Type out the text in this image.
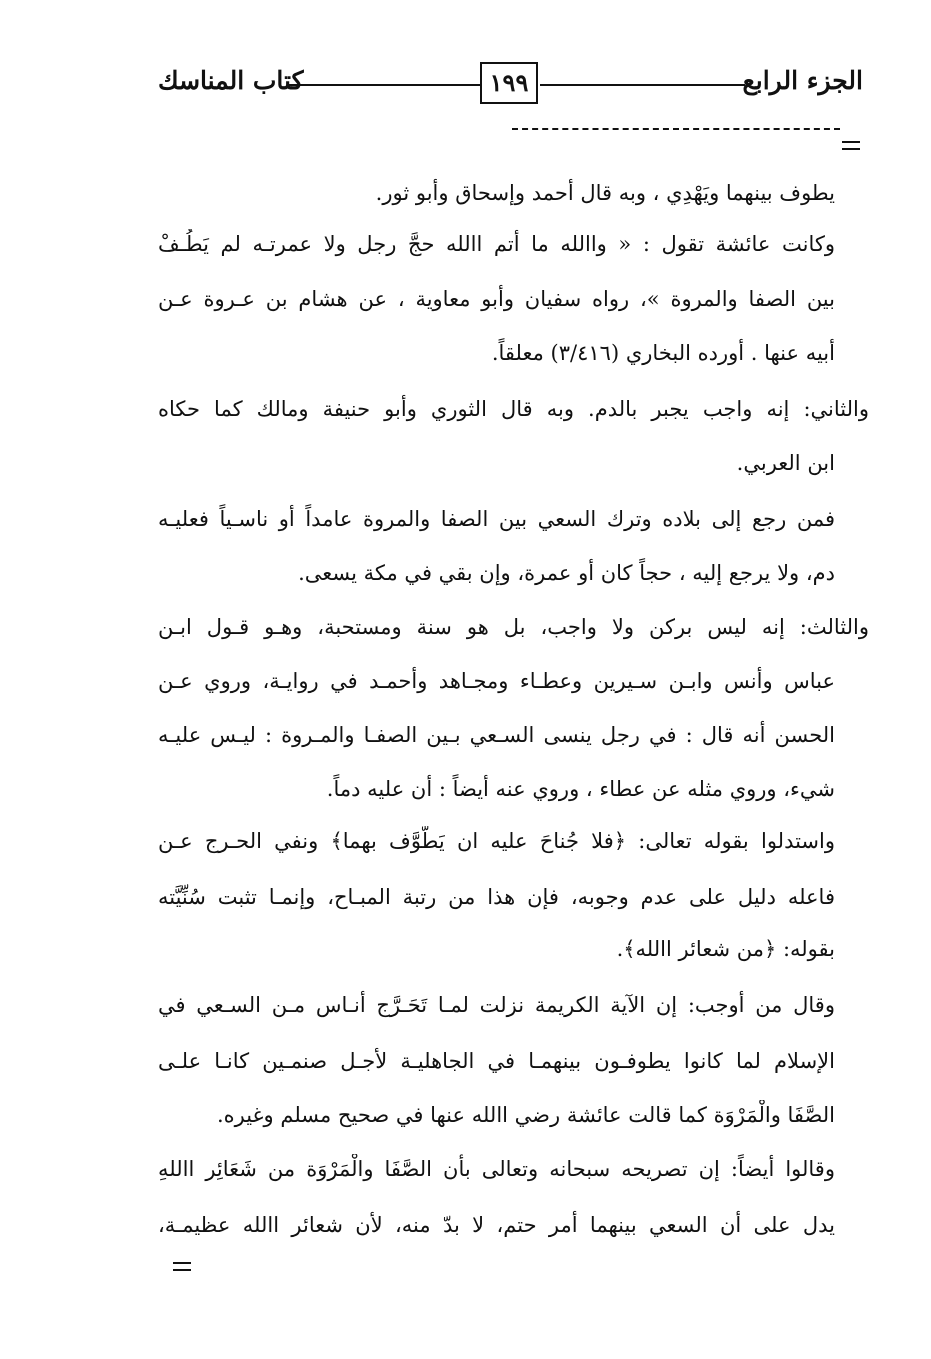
الجزء الرابع
١٩٩
كتاب المناسك
يطوف بينهما ويَهْدِي ، وبه قال أحمد وإسحاق وأبو ثور.
وكانت عائشة تقول : « واالله ما أتم االله حجَّ رجل ولا عمرتـه لم يَطُـفْ
بين الصفا والمروة »، رواه سفيان وأبو معاوية ، عن هشام بن عـروة عـن
أبيه عنها . أورده البخاري (٣/٤١٦) معلقاً.
والثاني: إنه واجب يجبر بالدم. وبه قال الثوري وأبو حنيفة ومالك كما حكاه
ابن العربي.
فمن رجع إلى بلاده وترك السعي بين الصفا والمروة عامداً أو ناسـياً فعليـه
دم، ولا يرجع إليه ، حجاً كان أو عمرة، وإن بقي في مكة يسعى.
والثالث: إنه ليس بركن ولا واجب، بل هو سنة ومستحبة، وهـو قـول ابـن
عباس وأنس وابـن سـيرين وعطـاء ومجـاهد وأحمـد في روايـة، وروي عـن
الحسن أنه قال : في رجل ينسى السـعي بـين الصفـا والمـروة : ليـس عليـه
شيء، وروي مثله عن عطاء ، وروي عنه أيضاً : أن عليه دماً.
واستدلوا بقوله تعالى: ﴿فلا جُناحَ عليه ان يَطَّوَّف بهما﴾ ونفي الحـرج عـن
فاعله دليل على عدم وجوبه، فإن هذا من رتبة المبـاح، وإنمـا تثبت سُنِّيَّته
بقوله: ﴿من شعائر االله﴾.
وقال من أوجب: إن الآية الكريمة نزلت لمـا تَحَـرَّج أنـاس مـن السـعي في
الإسلام لما كانوا يطوفـون بينهمـا في الجاهليـة لأجـل صنمـين كانـا علـى
الصَّفَا والْمَرْوَة كما قالت عائشة رضي االله عنها في صحيح مسلم وغيره.
وقالوا أيضاً: إن تصريحه سبحانه وتعالى بأن الصَّفَا والْمَرْوَة من شَعَائِر االلهِ
يدل على أن السعي بينهما أمر حتم، لا بدّ منه، لأن شعائر االله عظيمـة،
